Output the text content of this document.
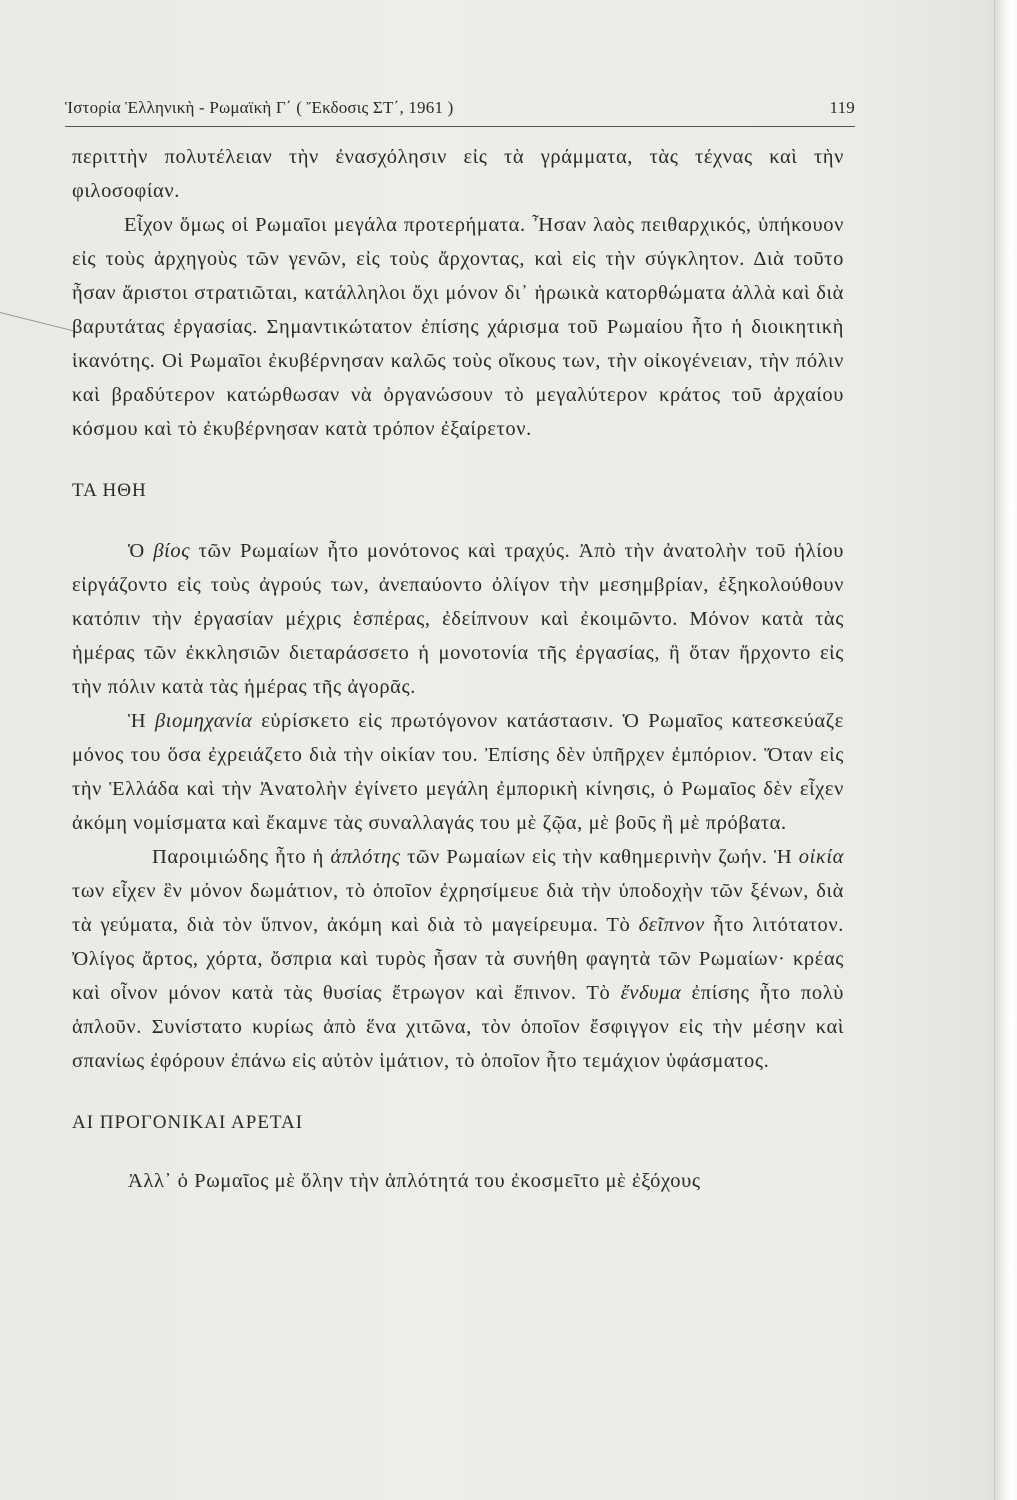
Ἱστορία Ἑλληνικὴ - Ρωμαϊκὴ Γ΄ ( Ἔκδοσις ΣΤ΄, 1961 )	119

περιττὴν πολυτέλειαν τὴν ἐνασχόλησιν εἰς τὰ γράμματα, τὰς τέχνας καὶ τὴν φιλοσοφίαν.

Εἶχον ὅμως οἱ Ρωμαῖοι μεγάλα προτερήματα. Ἦσαν λαὸς πειθαρχικός, ὑπήκουον εἰς τοὺς ἀρχηγοὺς τῶν γενῶν, εἰς τοὺς ἄρχοντας, καὶ εἰς τὴν σύγκλητον. Διὰ τοῦτο ἦσαν ἄριστοι στρατιῶται, κατάλληλοι ὄχι μόνον δι᾿ ἡρωικὰ κατορθώματα ἀλλὰ καὶ διὰ βαρυτάτας ἐργασίας. Σημαντικώτατον ἐπίσης χάρισμα τοῦ Ρωμαίου ἦτο ἡ διοικητικὴ ἱκανότης. Οἱ Ρωμαῖοι ἐκυβέρνησαν καλῶς τοὺς οἴκους των, τὴν οἰκογένειαν, τὴν πόλιν καὶ βραδύτερον κατώρθωσαν νὰ ὀργανώσουν τὸ μεγαλύτερον κράτος τοῦ ἀρχαίου κόσμου καὶ τὸ ἐκυβέρνησαν κατὰ τρόπον ἐξαίρετον.

ΤΑ ΗΘΗ

Ὁ βίος τῶν Ρωμαίων ἦτο μονότονος καὶ τραχύς. Ἀπὸ τὴν ἀνατολὴν τοῦ ἡλίου εἰργάζοντο εἰς τοὺς ἀγρούς των, ἀνεπαύοντο ὀλίγον τὴν μεσημβρίαν, ἐξηκολούθουν κατόπιν τὴν ἐργασίαν μέχρις ἑσπέρας, ἐδείπνουν καὶ ἐκοιμῶντο. Μόνον κατὰ τὰς ἡμέρας τῶν ἐκκλησιῶν διεταράσσετο ἡ μονοτονία τῆς ἐργασίας, ἢ ὅταν ἤρχοντο εἰς τὴν πόλιν κατὰ τὰς ἡμέρας τῆς ἀγορᾶς.

Ἡ βιομηχανία εὑρίσκετο εἰς πρωτόγονον κατάστασιν. Ὁ Ρωμαῖος κατεσκεύαζε μόνος του ὅσα ἐχρειάζετο διὰ τὴν οἰκίαν του. Ἐπίσης δὲν ὑπῆρχεν ἐμπόριον. Ὅταν εἰς τὴν Ἑλλάδα καὶ τὴν Ἀνατολὴν ἐγίνετο μεγάλη ἐμπορικὴ κίνησις, ὁ Ρωμαῖος δὲν εἶχεν ἀκόμη νομίσματα καὶ ἔκαμνε τὰς συναλλαγάς του μὲ ζῷα, μὲ βοῦς ἢ μὲ πρόβατα.

Παροιμιώδης ἦτο ἡ ἁπλότης τῶν Ρωμαίων εἰς τὴν καθημερινὴν ζωήν. Ἡ οἰκία των εἶχεν ἓν μόνον δωμάτιον, τὸ ὁποῖον ἐχρησίμευε διὰ τὴν ὑποδοχὴν τῶν ξένων, διὰ τὰ γεύματα, διὰ τὸν ὕπνον, ἀκόμη καὶ διὰ τὸ μαγείρευμα. Τὸ δεῖπνον ἦτο λιτότατον. Ὀλίγος ἄρτος, χόρτα, ὄσπρια καὶ τυρὸς ἦσαν τὰ συνήθη φαγητὰ τῶν Ρωμαίων· κρέας καὶ οἶνον μόνον κατὰ τὰς θυσίας ἔτρωγον καὶ ἔπινον. Τὸ ἔνδυμα ἐπίσης ἦτο πολὺ ἁπλοῦν. Συνίστατο κυρίως ἀπὸ ἕνα χιτῶνα, τὸν ὁποῖον ἔσφιγγον εἰς τὴν μέσην καὶ σπανίως ἐφόρουν ἐπάνω εἰς αὐτὸν ἱμάτιον, τὸ ὁποῖον ἦτο τεμάχιον ὑφάσματος.

ΑΙ ΠΡΟΓΟΝΙΚΑΙ ΑΡΕΤΑΙ

Ἀλλ᾿ ὁ Ρωμαῖος μὲ ὅλην τὴν ἁπλότητά του ἐκοσμεῖτο μὲ ἐξόχους
